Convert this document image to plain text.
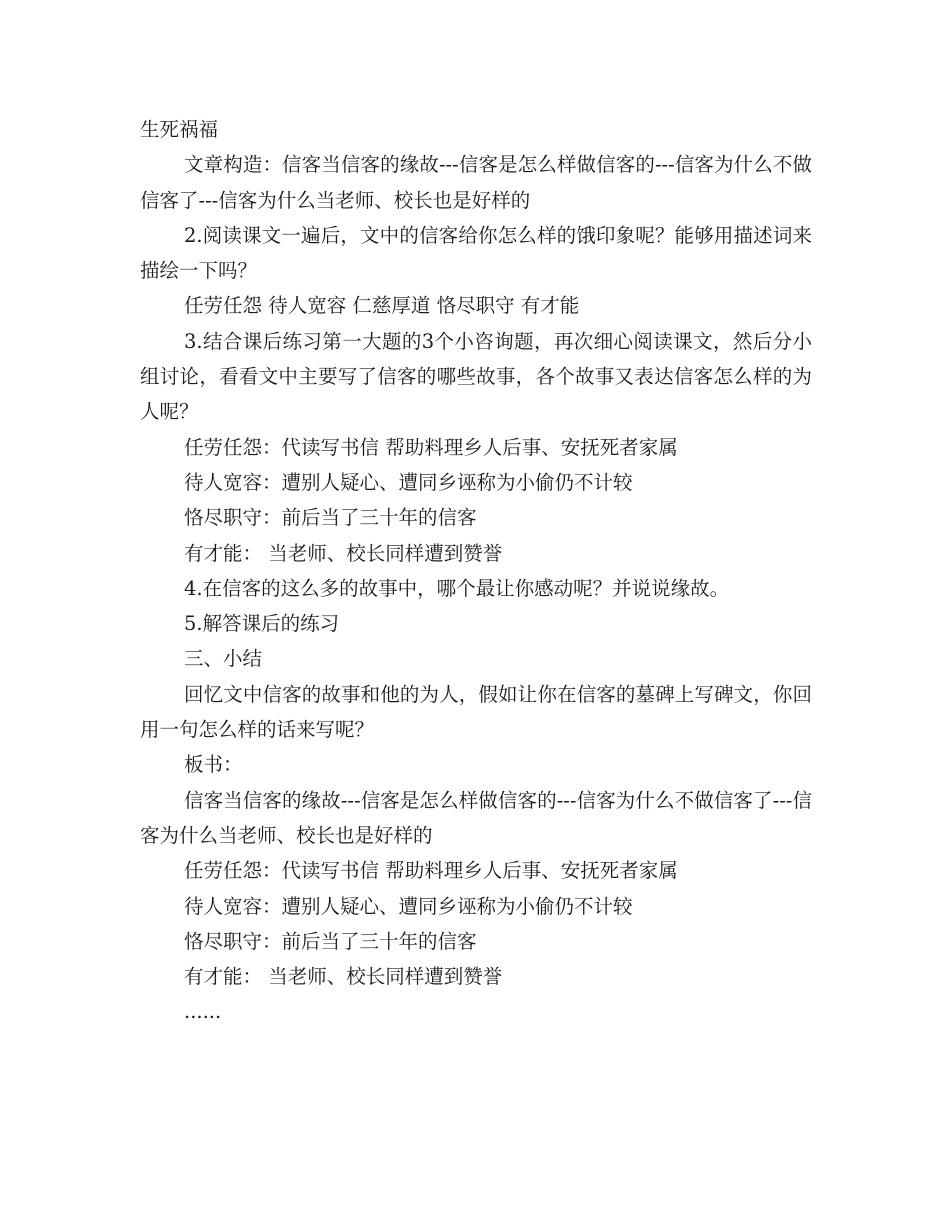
生死祸福

文章构造：信客当信客的缘故---信客是怎么样做信客的---信客为什么不做信客了---信客为什么当老师、校长也是好样的

2.阅读课文一遍后，文中的信客给你怎么样的饿印象呢？能够用描述词来描绘一下吗？

任劳任怨 待人宽容 仁慈厚道 恪尽职守 有才能

3.结合课后练习第一大题的3个小咨询题，再次细心阅读课文，然后分小组讨论，看看文中主要写了信客的哪些故事，各个故事又表达信客怎么样的为人呢？

任劳任怨：代读写书信 帮助料理乡人后事、安抚死者家属

待人宽容：遭别人疑心、遭同乡诬称为小偷仍不计较

恪尽职守：前后当了三十年的信客

有才能： 当老师、校长同样遭到赞誉

4.在信客的这么多的故事中，哪个最让你感动呢？并说说缘故。

5.解答课后的练习

三、小结

回忆文中信客的故事和他的为人，假如让你在信客的墓碑上写碑文，你回用一句怎么样的话来写呢？

板书：

信客当信客的缘故---信客是怎么样做信客的---信客为什么不做信客了---信客为什么当老师、校长也是好样的

任劳任怨：代读写书信 帮助料理乡人后事、安抚死者家属

待人宽容：遭别人疑心、遭同乡诬称为小偷仍不计较

恪尽职守：前后当了三十年的信客

有才能： 当老师、校长同样遭到赞誉

......
